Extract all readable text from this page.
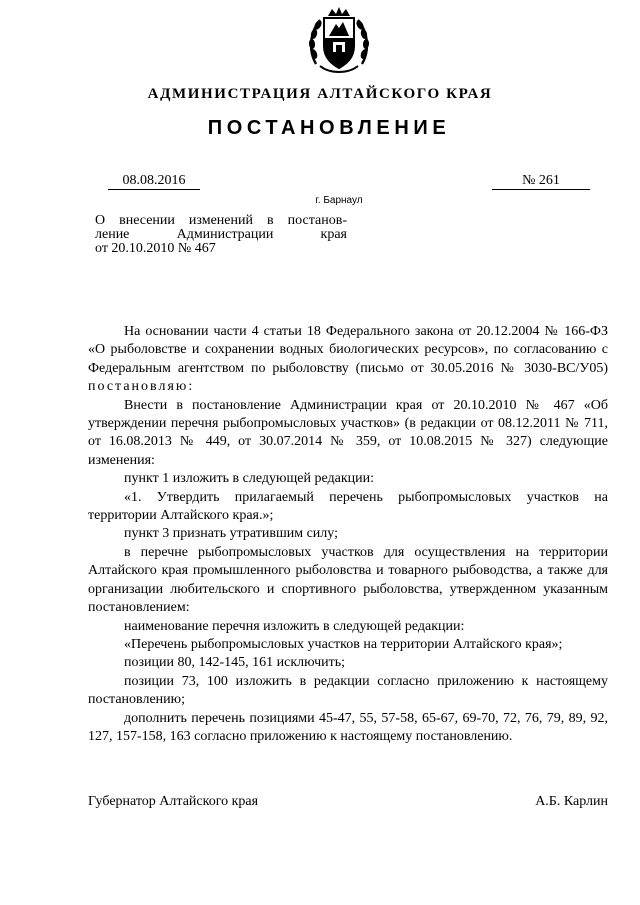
АДМИНИСТРАЦИЯ АЛТАЙСКОГО КРАЯ
ПОСТАНОВЛЕНИЕ
08.08.2016	№ 261
г. Барнаул
О внесении изменений в постанов-
ление Администрации края
от 20.10.2010 № 467

На основании части 4 статьи 18 Федерального закона от 20.12.2004 № 166-ФЗ «О рыболовстве и сохранении водных биологических ресурсов», по согласованию с Федеральным агентством по рыболовству (письмо от 30.05.2016 № 3030-ВС/У05) постановляю:

Внести в постановление Администрации края от 20.10.2010 № 467 «Об утверждении перечня рыбопромысловых участков» (в редакции от 08.12.2011 № 711, от 16.08.2013 № 449, от 30.07.2014 № 359, от 10.08.2015 № 327) следующие изменения:

пункт 1 изложить в следующей редакции:

«1. Утвердить прилагаемый перечень рыбопромысловых участков на территории Алтайского края.»;

пункт 3 признать утратившим силу;

в перечне рыбопромысловых участков для осуществления на территории Алтайского края промышленного рыболовства и товарного рыбоводства, а также для организации любительского и спортивного рыболовства, утвержденном указанным постановлением:

наименование перечня изложить в следующей редакции:

«Перечень рыбопромысловых участков на территории Алтайского края»;

позиции 80, 142-145, 161 исключить;

позиции 73, 100 изложить в редакции согласно приложению к настоящему постановлению;

дополнить перечень позициями 45-47, 55, 57-58, 65-67, 69-70, 72, 76, 79, 89, 92, 127, 157-158, 163 согласно приложению к настоящему постановлению.

Губернатор Алтайского края	А.Б. Карлин
